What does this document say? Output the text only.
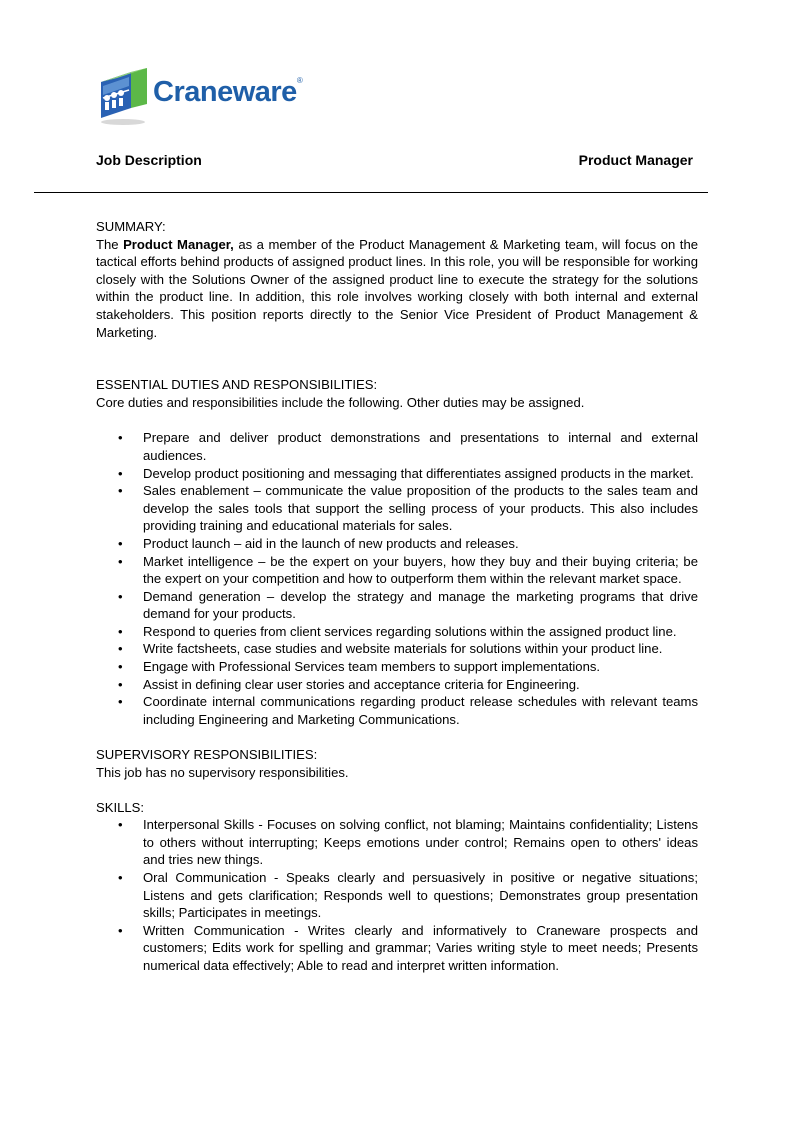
Craneware®
Job Description	Product Manager

SUMMARY:

The Product Manager, as a member of the Product Management & Marketing team, will focus on the tactical efforts behind products of assigned product lines. In this role, you will be responsible for working closely with the Solutions Owner of the assigned product line to execute the strategy for the solutions within the product line. In addition, this role involves working closely with both internal and external stakeholders. This position reports directly to the Senior Vice President of Product Management & Marketing.

ESSENTIAL DUTIES AND RESPONSIBILITIES:

Core duties and responsibilities include the following. Other duties may be assigned.

• Prepare and deliver product demonstrations and presentations to internal and external audiences.
• Develop product positioning and messaging that differentiates assigned products in the market.
• Sales enablement – communicate the value proposition of the products to the sales team and develop the sales tools that support the selling process of your products. This also includes providing training and educational materials for sales.
• Product launch – aid in the launch of new products and releases.
• Market intelligence – be the expert on your buyers, how they buy and their buying criteria; be the expert on your competition and how to outperform them within the relevant market space.
• Demand generation – develop the strategy and manage the marketing programs that drive demand for your products.
• Respond to queries from client services regarding solutions within the assigned product line.
• Write factsheets, case studies and website materials for solutions within your product line.
• Engage with Professional Services team members to support implementations.
• Assist in defining clear user stories and acceptance criteria for Engineering.
• Coordinate internal communications regarding product release schedules with relevant teams including Engineering and Marketing Communications.

SUPERVISORY RESPONSIBILITIES:

This job has no supervisory responsibilities.

SKILLS:

• Interpersonal Skills - Focuses on solving conflict, not blaming; Maintains confidentiality; Listens to others without interrupting; Keeps emotions under control; Remains open to others' ideas and tries new things.
• Oral Communication - Speaks clearly and persuasively in positive or negative situations; Listens and gets clarification; Responds well to questions; Demonstrates group presentation skills; Participates in meetings.
• Written Communication - Writes clearly and informatively to Craneware prospects and customers; Edits work for spelling and grammar; Varies writing style to meet needs; Presents numerical data effectively; Able to read and interpret written information.
